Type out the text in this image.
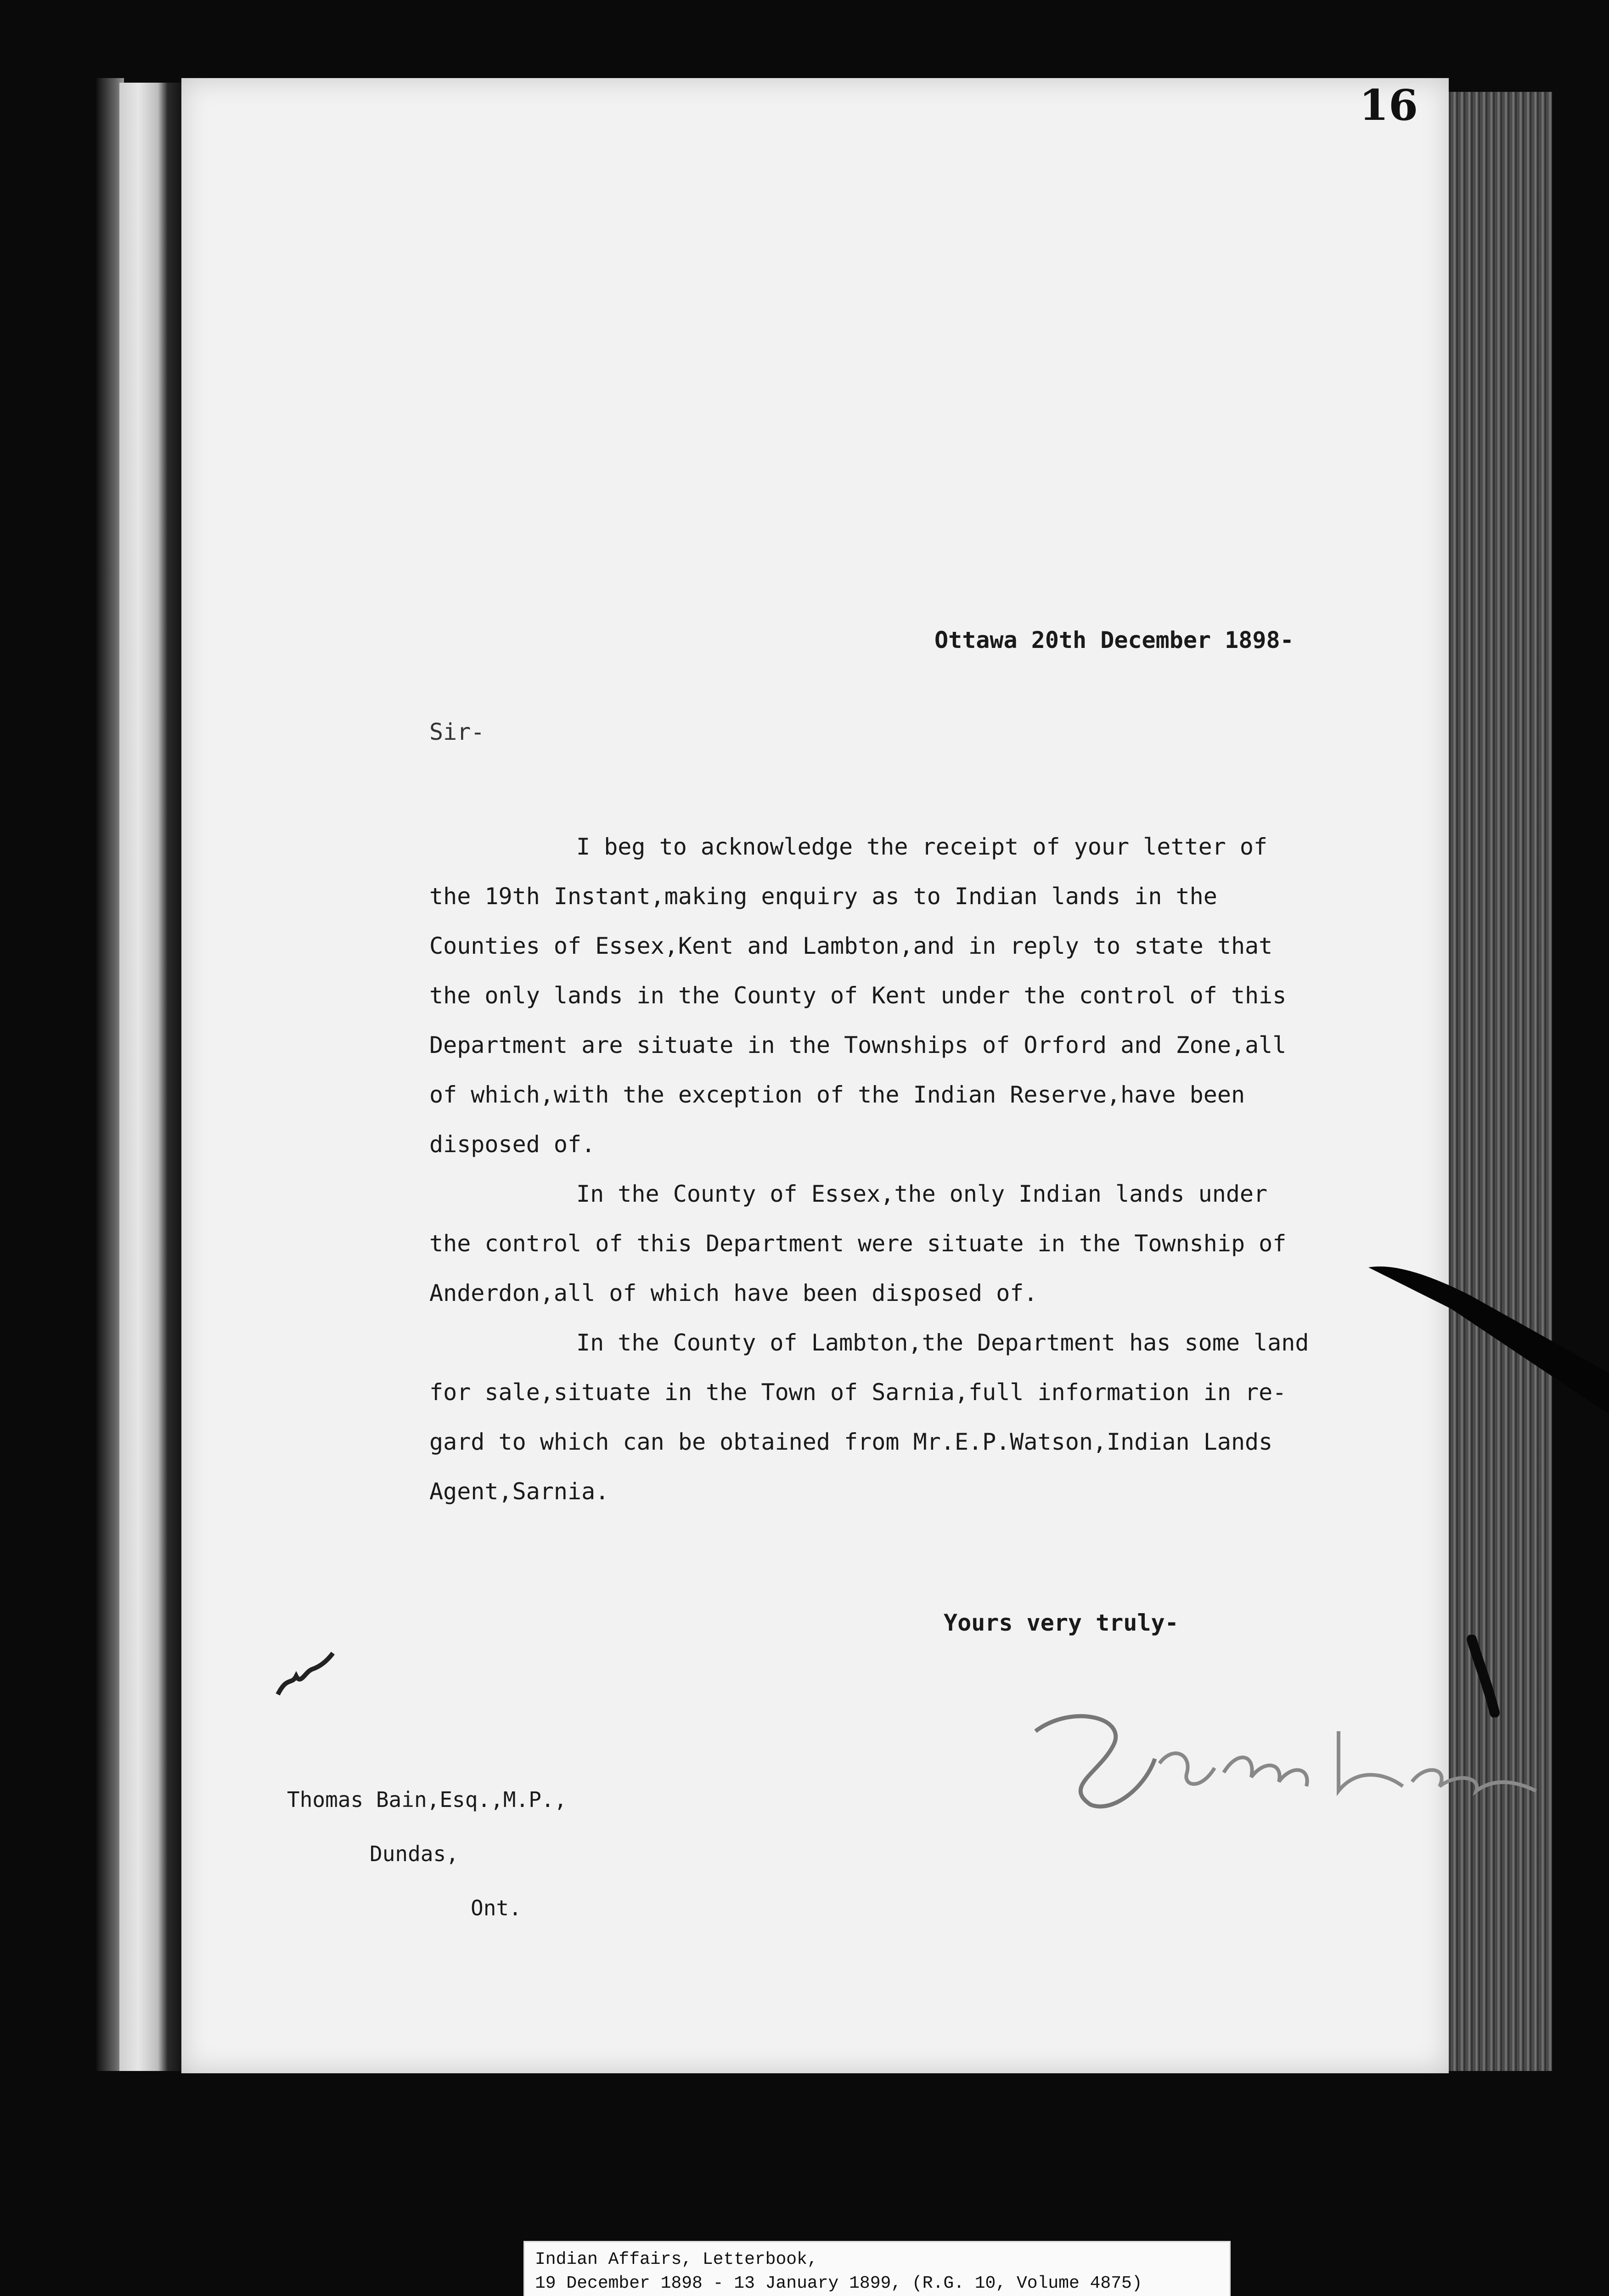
Ottawa 20th December 1898-
Sir-
I beg to acknowledge the receipt of your letter of
the 19th Instant,making enquiry as to Indian lands in the
Counties of Essex,Kent and Lambton,and in reply to state that
the only lands in the County of Kent under the control of this
Department are situate in the Townships of Orford and Zone,all
of which,with the exception of the Indian Reserve,have been
disposed of.
In the County of Essex,the only Indian lands under
the control of this Department were situate in the Township of
Anderdon,all of which have been disposed of.
In the County of Lambton,the Department has some land
for sale,situate in the Town of Sarnia,full information in re-
gard to which can be obtained from Mr.E.P.Watson,Indian Lands
Agent,Sarnia.
Yours very truly-
Thomas Bain,Esq.,M.P.,
Dundas,
Ont.
16
Indian Affairs, Letterbook,
19 December 1898 - 13 January 1899, (R.G. 10, Volume 4875)
